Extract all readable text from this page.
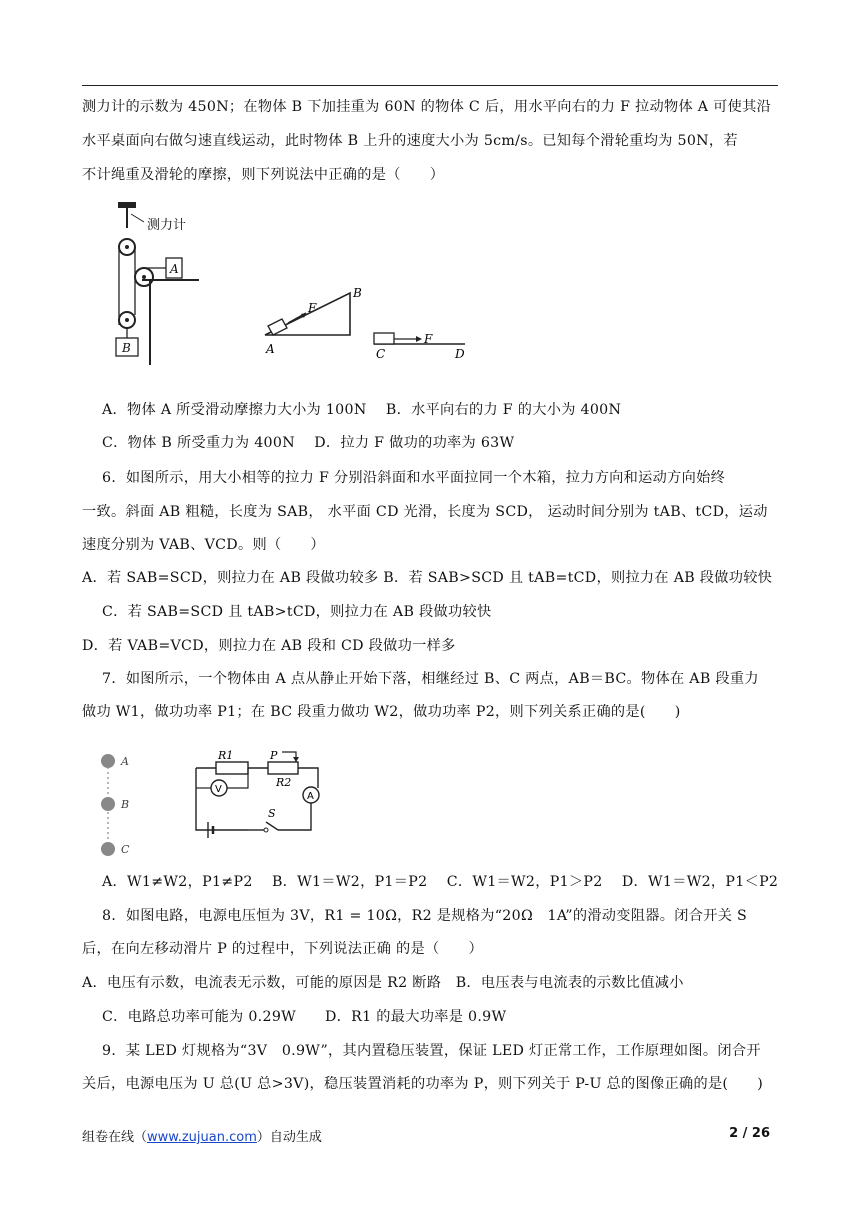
测力计的示数为 450N；在物体 B 下加挂重为 60N 的物体 C 后，用水平向右的力 F 拉动物体 A 可使其沿
水平桌面向右做匀速直线运动，此时物体 B 上升的速度大小为 5cm/s。已知每个滑轮重均为 50N，若
不计绳重及滑轮的摩擦，则下列说法中正确的是（　　）
测力计
A
B
F
B
A
F
C	D
A．物体 A 所受滑动摩擦力大小为 100N　 B．水平向右的力 F 的大小为 400N
C．物体 B 所受重力为 400N　 D．拉力 F 做功的功率为 63W
6．如图所示，用大小相等的拉力 F 分别沿斜面和水平面拉同一个木箱，拉力方向和运动方向始终
一致。斜面 AB 粗糙，长度为 SAB， 水平面 CD 光滑，长度为 SCD， 运动时间分别为 tAB、tCD，运动
速度分别为 VAB、VCD。则（　　）
A．若 SAB=SCD，则拉力在 AB 段做功较多 B．若 SAB>SCD 且 tAB=tCD，则拉力在 AB 段做功较快
C．若 SAB=SCD 且 tAB>tCD，则拉力在 AB 段做功较快
D．若 VAB=VCD，则拉力在 AB 段和 CD 段做功一样多
7．如图所示，一个物体由 A 点从静止开始下落，相继经过 B、C 两点，AB＝BC。物体在 AB 段重力
做功 W1，做功功率 P1；在 BC 段重力做功 W2，做功功率 P2，则下列关系正确的是(　　)
A
B
C
V
A
R1	P
R2
S
A．W1≠W2，P1≠P2　 B．W1＝W2，P1＝P2　 C．W1＝W2，P1＞P2　 D．W1＝W2，P1＜P2
8．如图电路，电源电压恒为 3V，R1 = 10Ω，R2 是规格为“20Ω　1A”的滑动变阻器。闭合开关 S
后，在向左移动滑片 P 的过程中，下列说法正确 的是（　　）
A．电压有示数，电流表无示数，可能的原因是 R2 断路　B．电压表与电流表的示数比值减小
C．电路总功率可能为 0.29W　　D．R1 的最大功率是 0.9W
9．某 LED 灯规格为“3V　0.9W”，其内置稳压装置，保证 LED 灯正常工作，工作原理如图。闭合开
关后，电源电压为 U 总(U 总>3V)，稳压装置消耗的功率为 P，则下列关于 P-U 总的图像正确的是(　　)
组卷在线（www.zujuan.com）自动生成	2 / 26
